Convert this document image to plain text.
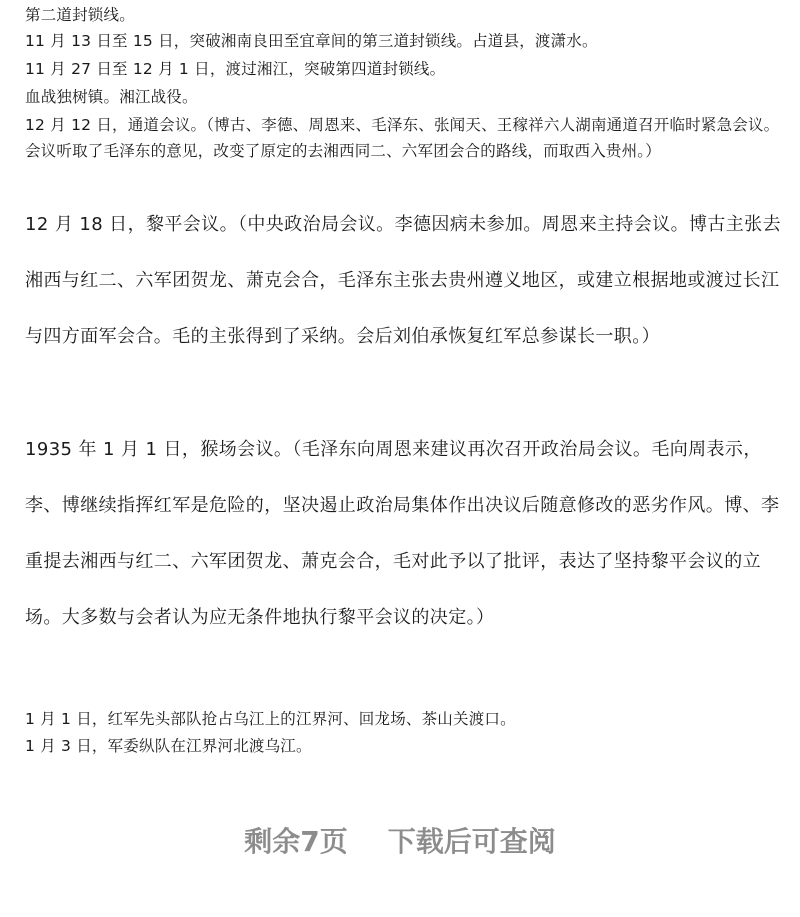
第二道封锁线。
11 月 13 日至 15 日，突破湘南良田至宜章间的第三道封锁线。占道县，渡潇水。
11 月 27 日至 12 月 1 日，渡过湘江，突破第四道封锁线。
血战独树镇。湘江战役。
12 月 12 日，通道会议。（博古、李德、周恩来、毛泽东、张闻天、王稼祥六人湖南通道召开临时紧急会议。会议听取了毛泽东的意见，改变了原定的去湘西同二、六军团会合的路线，而取西入贵州。）
12 月 18 日，黎平会议。（中央政治局会议。李德因病未参加。周恩来主持会议。博古主张去湘西与红二、六军团贺龙、萧克会合，毛泽东主张去贵州遵义地区，或建立根据地或渡过长江与四方面军会合。毛的主张得到了采纳。会后刘伯承恢复红军总参谋长一职。）
1935 年 1 月 1 日，猴场会议。（毛泽东向周恩来建议再次召开政治局会议。毛向周表示，李、博继续指挥红军是危险的，坚决遏止政治局集体作出决议后随意修改的恶劣作风。博、李重提去湘西与红二、六军团贺龙、萧克会合，毛对此予以了批评，表达了坚持黎平会议的立场。大多数与会者认为应无条件地执行黎平会议的决定。）
1 月 1 日，红军先头部队抢占乌江上的江界河、回龙场、茶山关渡口。
1 月 3 日，军委纵队在江界河北渡乌江。
剩余7页 下载后可查阅
